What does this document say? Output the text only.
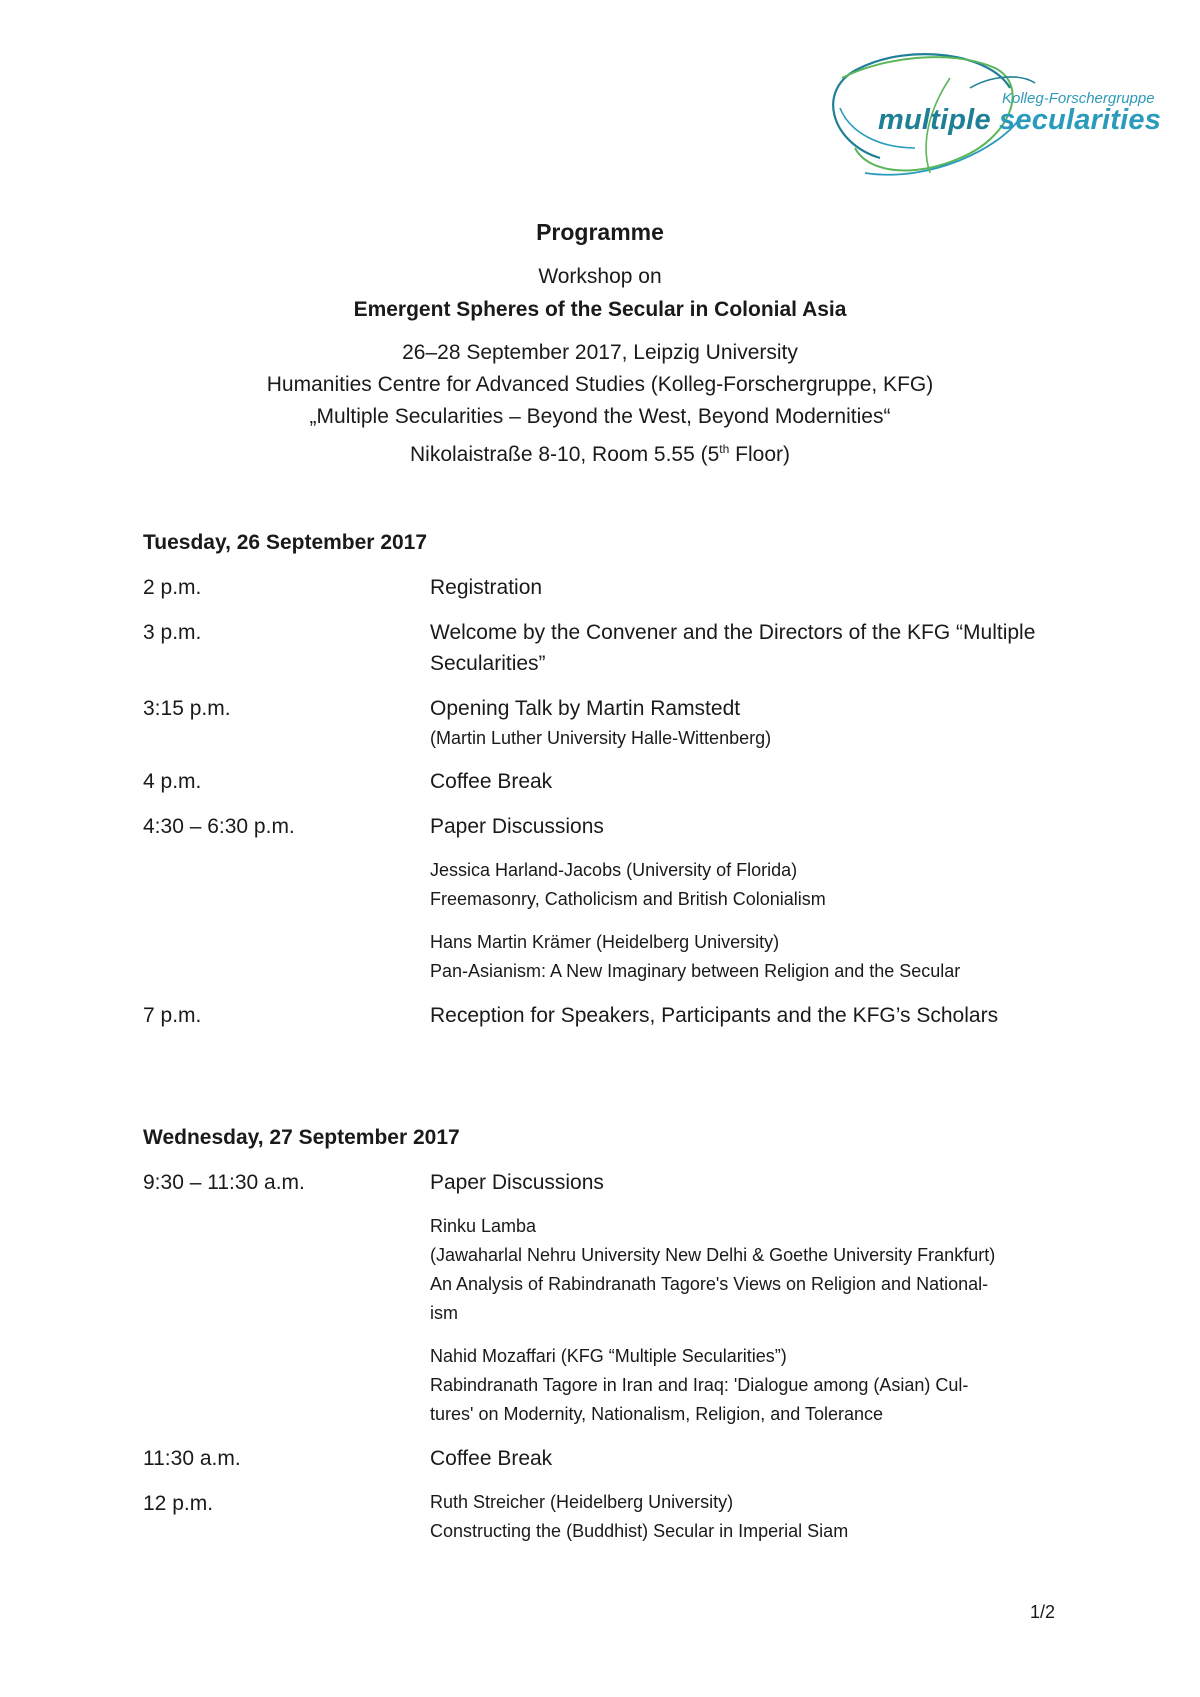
Kolleg-Forschergruppe
multiple secularities
Programme
Workshop on
Emergent Spheres of the Secular in Colonial Asia
26–28 September 2017, Leipzig University
Humanities Centre for Advanced Studies (Kolleg-Forschergruppe, KFG)
„Multiple Secularities – Beyond the West, Beyond Modernities“
Nikolaistraße 8-10, Room 5.55 (5th Floor)
Tuesday, 26 September 2017
2 p.m.	Registration
3 p.m.	Welcome by the Convener and the Directors of the KFG “Multiple Secularities”
3:15 p.m.	Opening Talk by Martin Ramstedt
(Martin Luther University Halle-Wittenberg)
4 p.m.	Coffee Break
4:30 – 6:30 p.m.	Paper Discussions
Jessica Harland-Jacobs (University of Florida)
Freemasonry, Catholicism and British Colonialism
Hans Martin Krämer (Heidelberg University)
Pan-Asianism: A New Imaginary between Religion and the Secular
7 p.m.	Reception for Speakers, Participants and the KFG’s Scholars
Wednesday, 27 September 2017
9:30 – 11:30 a.m.	Paper Discussions
Rinku Lamba
(Jawaharlal Nehru University New Delhi & Goethe University Frankfurt)
An Analysis of Rabindranath Tagore's Views on Religion and National-
ism
Nahid Mozaffari (KFG “Multiple Secularities”)
Rabindranath Tagore in Iran and Iraq: 'Dialogue among (Asian) Cul-
tures' on Modernity, Nationalism, Religion, and Tolerance
11:30 a.m.	Coffee Break
12 p.m.	Ruth Streicher (Heidelberg University)
Constructing the (Buddhist) Secular in Imperial Siam
1/2
